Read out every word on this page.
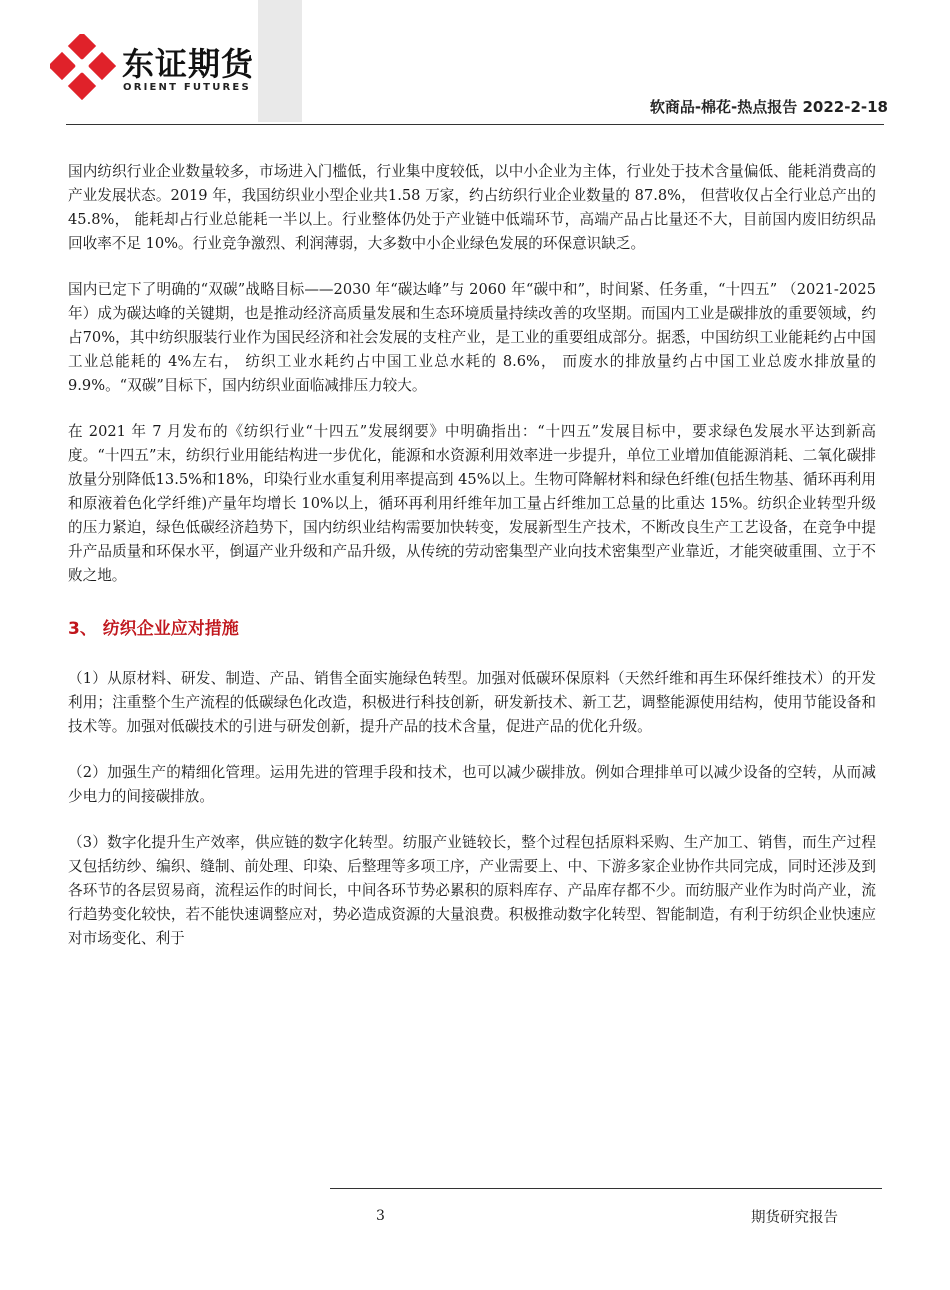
东证期货
ORIENT FUTURES
软商品-棉花-热点报告 2022-2-18

国内纺织行业企业数量较多，市场进入门槛低，行业集中度较低，以中小企业为主体，行业处于技术含量偏低、能耗消费高的产业发展状态。2019 年，我国纺织业小型企业共1.58 万家，约占纺织行业企业数量的 87.8%， 但营收仅占全行业总产出的 45.8%， 能耗却占行业总能耗一半以上。行业整体仍处于产业链中低端环节，高端产品占比量还不大，目前国内废旧纺织品回收率不足 10%。行业竞争激烈、利润薄弱，大多数中小企业绿色发展的环保意识缺乏。

国内已定下了明确的“双碳”战略目标——2030 年“碳达峰”与 2060 年“碳中和”，时间紧、任务重，“十四五” （2021-2025 年）成为碳达峰的关键期，也是推动经济高质量发展和生态环境质量持续改善的攻坚期。而国内工业是碳排放的重要领域，约占70%，其中纺织服装行业作为国民经济和社会发展的支柱产业，是工业的重要组成部分。据悉，中国纺织工业能耗约占中国工业总能耗的 4%左右， 纺织工业水耗约占中国工业总水耗的 8.6%， 而废水的排放量约占中国工业总废水排放量的 9.9%。“双碳”目标下，国内纺织业面临减排压力较大。

在 2021 年 7 月发布的《纺织行业“十四五”发展纲要》中明确指出：“十四五”发展目标中，要求绿色发展水平达到新高度。“十四五”末，纺织行业用能结构进一步优化，能源和水资源利用效率进一步提升，单位工业增加值能源消耗、二氧化碳排放量分别降低13.5%和18%，印染行业水重复利用率提高到 45%以上。生物可降解材料和绿色纤维(包括生物基、循环再利用和原液着色化学纤维)产量年均增长 10%以上，循环再利用纤维年加工量占纤维加工总量的比重达 15%。纺织企业转型升级的压力紧迫，绿色低碳经济趋势下，国内纺织业结构需要加快转变，发展新型生产技术，不断改良生产工艺设备，在竞争中提升产品质量和环保水平，倒逼产业升级和产品升级，从传统的劳动密集型产业向技术密集型产业靠近，才能突破重围、立于不败之地。

3、 纺织企业应对措施

（1）从原材料、研发、制造、产品、销售全面实施绿色转型。加强对低碳环保原料（天然纤维和再生环保纤维技术）的开发利用；注重整个生产流程的低碳绿色化改造，积极进行科技创新，研发新技术、新工艺，调整能源使用结构，使用节能设备和技术等。加强对低碳技术的引进与研发创新，提升产品的技术含量，促进产品的优化升级。

（2）加强生产的精细化管理。运用先进的管理手段和技术，也可以减少碳排放。例如合理排单可以减少设备的空转，从而减少电力的间接碳排放。

（3）数字化提升生产效率，供应链的数字化转型。纺服产业链较长，整个过程包括原料采购、生产加工、销售，而生产过程又包括纺纱、编织、缝制、前处理、印染、后整理等多项工序，产业需要上、中、下游多家企业协作共同完成，同时还涉及到各环节的各层贸易商，流程运作的时间长，中间各环节势必累积的原料库存、产品库存都不少。而纺服产业作为时尚产业，流行趋势变化较快，若不能快速调整应对，势必造成资源的大量浪费。积极推动数字化转型、智能制造，有利于纺织企业快速应对市场变化、利于

3	期货研究报告
